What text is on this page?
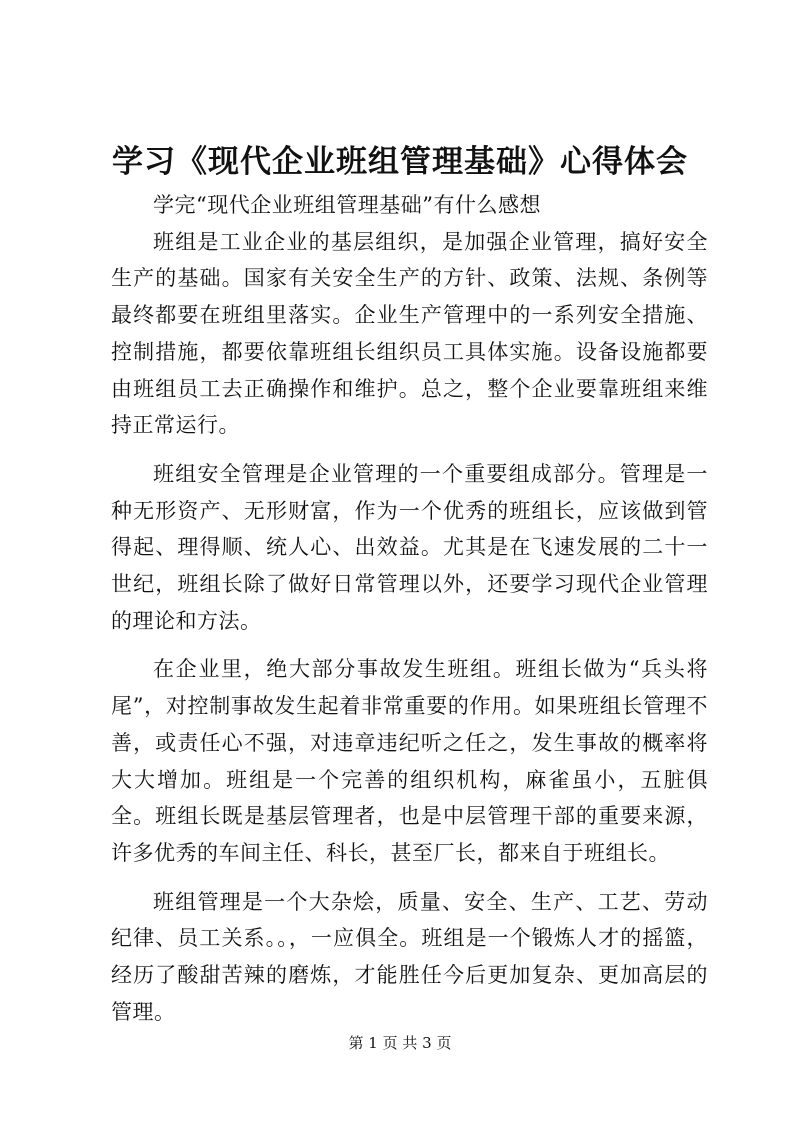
学习《现代企业班组管理基础》心得体会

学完“现代企业班组管理基础”有什么感想

班组是工业企业的基层组织，是加强企业管理，搞好安全生产的基础。国家有关安全生产的方针、政策、法规、条例等最终都要在班组里落实。企业生产管理中的一系列安全措施、控制措施，都要依靠班组长组织员工具体实施。设备设施都要由班组员工去正确操作和维护。总之，整个企业要靠班组来维持正常运行。

班组安全管理是企业管理的一个重要组成部分。管理是一种无形资产、无形财富，作为一个优秀的班组长，应该做到管得起、理得顺、统人心、出效益。尤其是在飞速发展的二十一世纪，班组长除了做好日常管理以外，还要学习现代企业管理的理论和方法。

在企业里，绝大部分事故发生班组。班组长做为“兵头将尾”，对控制事故发生起着非常重要的作用。如果班组长管理不善，或责任心不强，对违章违纪听之任之，发生事故的概率将大大增加。班组是一个完善的组织机构，麻雀虽小，五脏俱全。班组长既是基层管理者，也是中层管理干部的重要来源，许多优秀的车间主任、科长，甚至厂长，都来自于班组长。

班组管理是一个大杂烩，质量、安全、生产、工艺、劳动纪律、员工关系。。，一应俱全。班组是一个锻炼人才的摇篮，经历了酸甜苦辣的磨炼，才能胜任今后更加复杂、更加高层的管理。

第 1 页 共 3 页
